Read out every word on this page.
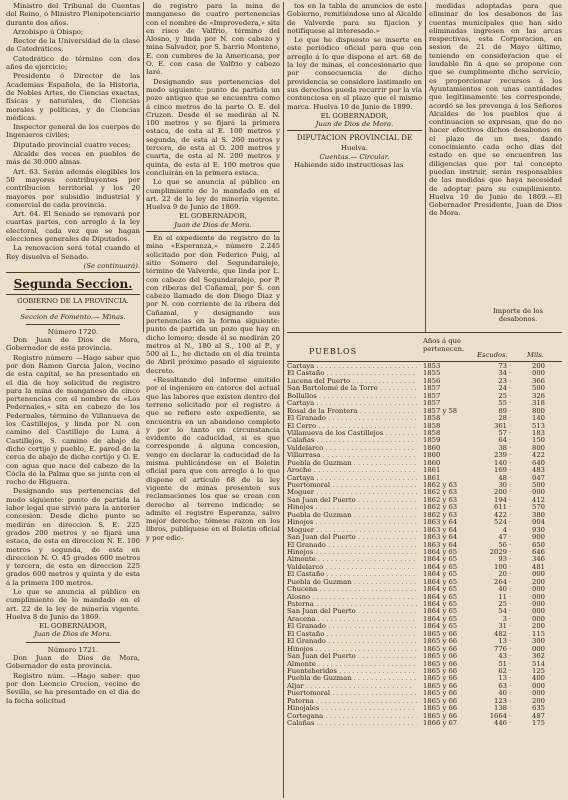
Ministro del Tribunal de Cuentas del Reino, ó Ministro Plenipotenciario durante dos años.

Arzobispo ú Obispo;

Rector de la Universidad de la clase de Catedráticos.

Catedrático de término con dos años de ejercicio;

Presidente ó Director de las Academias Española, de la Historia, de Nobles Artes, de Ciencias exactas, físicas y naturales, de Ciencias morales y políticas, y de Ciencias médicas.

Inspector general de los cuerpos de Ingenieros civiles;

Diputado provincial cuatro veces;

Alcalde dos veces en pueblos de más de 30.000 almas.

Art. 63. Serán además elegibles los 50 mayores contribuyentes por contribucion territorial y los 20 mayores por subsidio industrial y comercial de cada provincia.

Art. 64. El Senado se renovará por cuartas partes, con arreglo á la ley electoral, cada vez que se hagan elecciones generales de Diputados.

La renovacion será total cuando el Rey disuelva el Senado.

(Se continuará).

Segunda Seccion.

GOBIERNO DE LA PROVINCIA.

Seccion de Fomento.— Minas.

Número 1720.

Don Juan de Dios de Mora, Gobernador de esta provincia.

Registro número —Hago saber que por don Ramon Garcia Jalon, vecino de esta capital, se ha presentado en el dia de hoy solicitud de registro para la mina de manganeso de cinco pertenencias con el nombre de «Los Pedernales,» sita en cabezo de los Pedernales, término de Villanueva de los Castillejos, y linda por N. con camino del Castillejo de Luna á Castillejos, S. camino de abajo de dicho cortijo y pueblo, E. pared de la cerca de abajo de dicho cortijo y O. E. con agua que nace del cabezo de la Cócla de la Palma que se junta con el rocho de Higuera.

Designando sus pertenencias del modo siguiente: punto de partida la labor legal que sirvió para la anterior concesion. Desde dicho punto se medirán en direccion S. E. 225 grados 200 metros y se fijará una estaca, de esta en direccion N. E. 100 metros y segunda, de esta en direccion N. O. 45 grados 600 metros y tercera, de esta en direccion 225 grados 600 metros y quinta y de esta á la primera 100 metros.

Lo que se anuncia al público en cumplimiento de lo mandado en el art. 22 de la ley de minería vigente. Huelva 8 de Junio de 1869.

EL GOBERNADOR,

Juan de Dios de Mora.

Número 1721.

Don Juan de Dios de Mora, Gobernador de esta provincia.

Registro núm. —Hago saber: que por don Leoncio Crocion, vecino de Sevilla, se ha presentado en el dia de la fecha solicitud

de registro para la mina de manganeso de cuatro pertenencias con el nombre de «Improvedera,» sita en risco de Valfrio, término del Alosno, y linda por N. con cabezo y mina Salvador, por S. barrio Monteno, E. con cumbres de la Americana, por O. E. con casa de Valfrio y cabezo Iaré.

Designando sus pertenencias del modo siguiente: punto de partida un pozo antiguo que se encuentra como á cinco metros de la parte O. E. del Cruzon. Desde él se medirán al N. 100 metros y se fijará la primera estaca, de esta al E. 100 metros y segunda, de esta al S. 260 metros y tercera, de esta al O. 200 metros y cuarta, de esta al N. 200 metros y quinta, de esta al E. 100 metros que concluirán en la primera estaca.

Lo que se anuncia al público en cumplimiento de lo mandado en el art. 22 de la ley de minería vigente. Huelva 9 de Junio de 1869.

EL GOBERNADOR,

Juan de Dios de Mora.

En el expediente de registro de la mina «Esperanza,» número 2.245 solicitado por don Federico Puig, al sitio Somero del Segundaralejo, término de Valverde, que linda por L. con cabezo del Segundaralejo, por P. con riberas del Cañamal, por S. con cabezo llamado de don Diego Diaz y por N. con corriente de la ribera del Cañamal, y designando sus pertenencias en la forma siguiente: punto de partida un pozo que hay en dicho lomero; desde él se medirán 20 metros al N., 180 al S., 100 al P., y 500 al L., he dictado en el dia treinta de Abril próximo pasado el siguiente decreto.

«Resultando del informe emitido por el ingeniero en catorce del actual que las labores que existen dentro del terreno solicitado por el registro á que se refiere este expediente, se encuentra en un abandono completo y por lo tanto en circunstancia evidente de caducidad, si es que corresponde á alguna concesion, vengo en declarar la caducidad de la misma publicándose en el Boletin oficial para que con arreglo á lo que dispone el artículo 68 de la ley vigente de minas presenten sus reclamaciones los que se crean con derecho al terreno indicado; se admite el registro Esperanza, salvo mejor derecho; tómese razon en los libros, publíquese en el Boletin oficial y por edic-

tos en la tabla de anuncios de este Gobierno, remitiéndose uno al Alcalde de Valverde para su fijacion y notifíquese al interesado.»

Lo que he dispuesto se inserte en este periódico oficial para que con arreglo á lo que dispone el art. 68 de la ley de minas, el concesionario que por consecuencia de dicho providencia se considere lastimado en sus derechos pueda recurrir por la vía contenciosa en el plazo que el mismo marca. Huelva 10 de Junio de 1899.

EL GOBERNADOR,

Juan de Dios de Mora.

DIPUTACION PROVINCIAL DE

Huelva.

Cuentas.— Circular.

Habiendo sido instructiosas las

medidas adoptadas para que eliminar de los desabonos de las cuentas municipales que han sido eliminadas ingresen en las arcas respectivas, esta Corporacion, en sesion de 21 de Mayo último, teniendo en consideracion que el laudable fin á que se propone con que se cumplimente dicho servicio, es proporcionar recursos á los Ayuntamientos con unas cantidades que legítimamente les corresponde, acordó se les prevenga á los Señores Alcaldes de los pueblos que á continuacion se expresan, que de no hacer efectivos dichos desabonos en el plazo de un mes, dando conocimiento cada ocho dias del estado en que se encuentren las diligencias que por tal concepto puedan instruir, serán responsables de las medidas que haya necesidad de adoptar para su cumplimiento. Huelva 10 de Junio de 1869.—El Gobernador Presidente, Juan de Dios de Mora.

PUEBLOS
Años á que pertenecen.
Importe de los desabonos.
Escudos.	Mils.
Cartaya . . .	1853	73	200
·
El Castaño . . .	1855	34	000
·
Lucena del Puerto . . .	1856	23	366
·
San Bartolomé de la Torre . . .	1857	24	500
·
Bollullos . . .	1857	25	326
·
Cartaya . . .	1857	55	318
·
Rosal de la Frontera . . .	1857 y 58	89	800
·
El Granado . . .	1858	28	140
·
El Cerro . . .	1858	361	513
·
Villanueva de los Castillejos . . .	1858	57	183
·
Calañas . . .	1859	64	150
·
Valdelarco . . .	1860	38	800
·
Villarrasa . . .	1860	239	422
·
Puebla de Guzman . . .	1860	140	640
·
Aroche . . .	1861	169	483
·
Cartaya . . .	1861	48	047
·
Puertomoral . . .	1862 y 63	30	500
·
Moguer . . .	1862 y 63	200	000
·
San Juan del Puerto . . .	1862 y 63	194	412
·
Hinojos . . .	1862 y 63	611	570
·
Puebla de Guzman . . .	1862 y 63	422	380
·
Hinojos . . .	1863 y 64	524	004
·
Moguer . . .	1863 y 64	4	930
·
San Juan del Puerto . . .	1863 y 64	47	900
·
El Granado . . .	1863 y 64	56	650
·
Hinojos . . .	1864 y 65	2029	646
·
Almonte . . .	1864 y 65	93	346
·
Valdelarco . . .	1864 y 65	100	481
·
El Castaño . . .	1864 y 65	20	000
·
Puebla de Guzman . . .	1864 y 65	264	200
·
Chucena . . .	1864 y 65	40	000
·
Alosno . . .	1864 y 65	11	000
·
Paterna . . .	1864 y 65	25	000
·
San Juan del Puerto . . .	1864 y 65	54	000
·
Aracena . . .	1864 y 65	3	000
·
El Granado . . .	1864 y 65	31	200
·
El Castaño . . .	1865 y 66	482	115
·
El Granado . . .	1865 y 66	13	300
·
Hinojos . . .	1865 y 66	776	000
·
San Juan del Puerto . . .	1865 y 66	43	362
·
Almonte . . .	1865 y 66	51	514
·
Fuenteheridos . . .	1865 y 66	62	125
·
Puebla de Guzman . . .	1865 y 66	13	400
·
Aljar . . .	1865 y 66	63	000
·
Puertomoral . . .	1865 y 66	40	000
·
Paterna . . .	1865 y 66	123	200
·
Hinojales . . .	1865 y 66	138	635
·
Cortegana . . .	1865 y 66	1664	487
·
Calañas . . .	1866 y 67	446	175
·
